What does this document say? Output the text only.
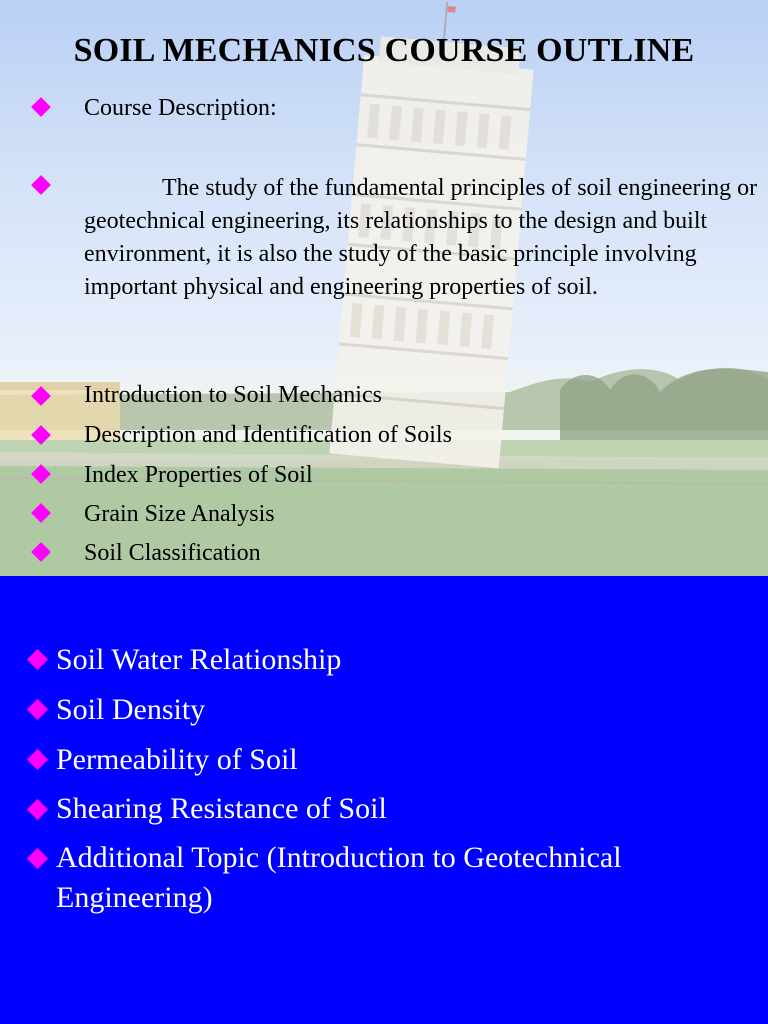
SOIL MECHANICS COURSE OUTLINE
Course Description:
The study of the fundamental principles of soil engineering or geotechnical engineering, its relationships to the design and built environment, it is also the study of the basic principle involving important physical and engineering properties of soil.
Introduction to Soil Mechanics
Description and Identification of Soils
Index Properties of Soil
Grain Size Analysis
Soil Classification
Soil Water Relationship
Soil Density
Permeability of Soil
Shearing Resistance of Soil
Additional Topic (Introduction to Geotechnical Engineering)
